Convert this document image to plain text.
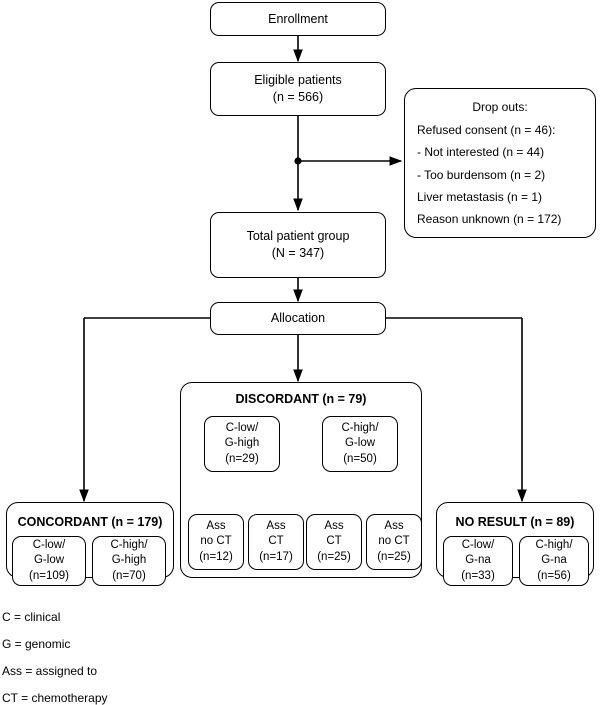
Enrollment
Eligible patients
(n = 566)
Drop outs:
Refused consent (n = 46):
- Not interested (n = 44)
- Too burdensom (n = 2)
Liver metastasis (n = 1)
Reason unknown (n = 172)
Total patient group
(N = 347)
Allocation
DISCORDANT (n = 79)
C-low/
G-high
(n=29)
C-high/
G-low
(n=50)
Ass
no CT
(n=12)
Ass
CT
(n=17)
Ass
CT
(n=25)
Ass
no CT
(n=25)
CONCORDANT (n = 179)
C-low/
G-low
(n=109)
C-high/
G-high
(n=70)
NO RESULT (n = 89)
C-low/
G-na
(n=33)
C-high/
G-na
(n=56)
C = clinical
G = genomic
Ass = assigned to
CT = chemotherapy
